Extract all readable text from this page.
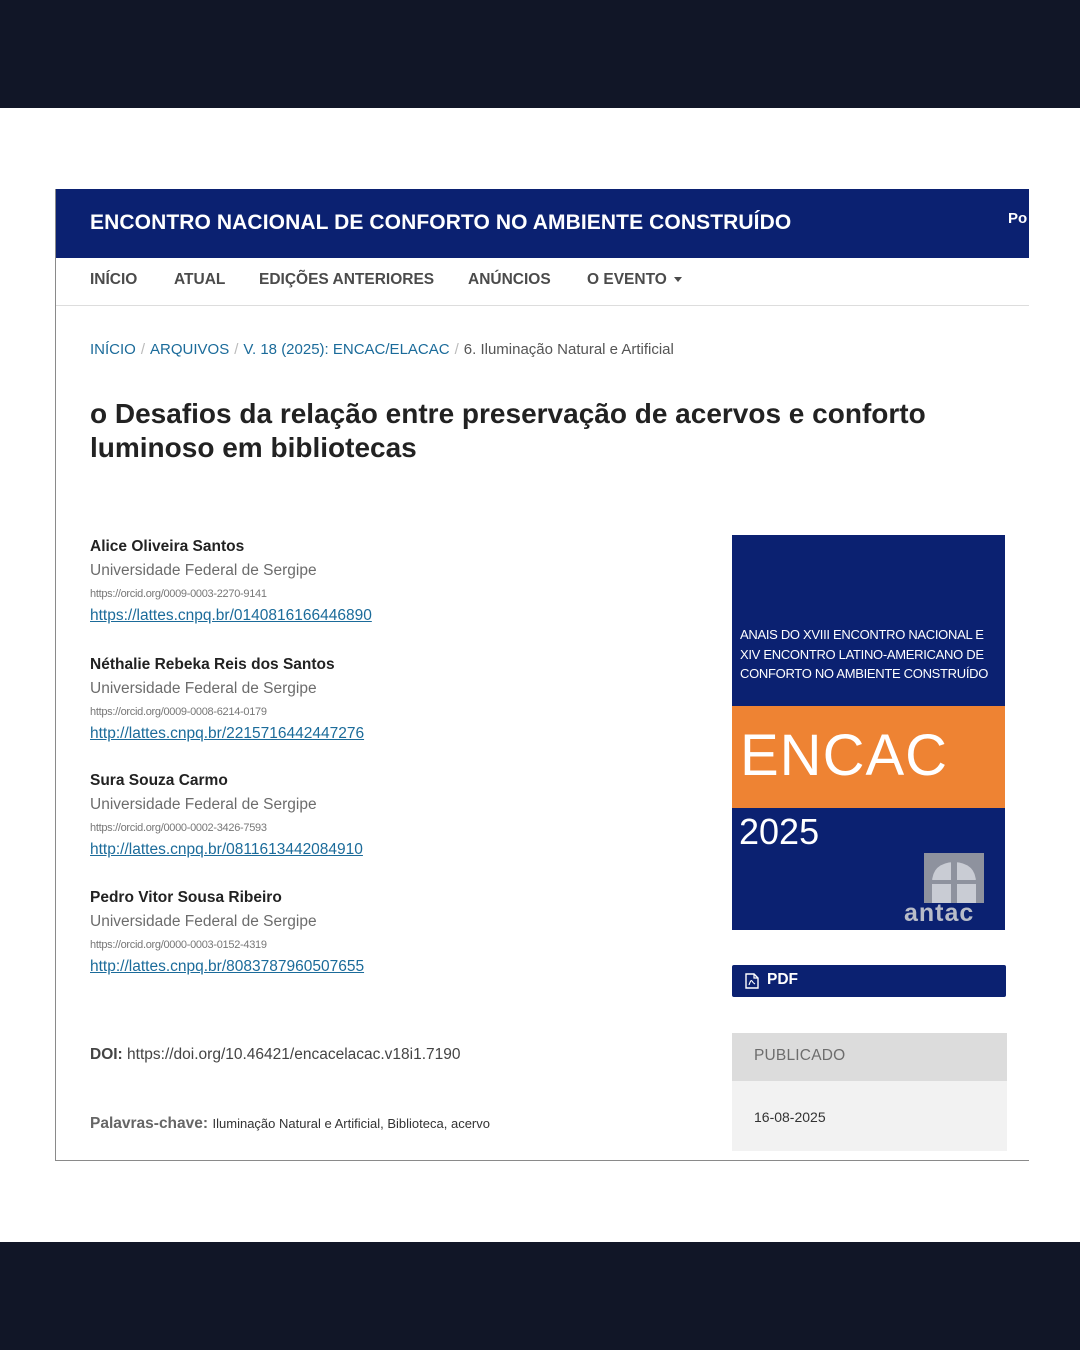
ENCONTRO NACIONAL DE CONFORTO NO AMBIENTE CONSTRUÍDO	Po
INÍCIO ATUAL EDIÇÕES ANTERIORES ANÚNCIOS O EVENTO
INÍCIO / ARQUIVOS / V. 18 (2025): ENCAC/ELACAC / 6. Iluminação Natural e Artificial
o Desafios da relação entre preservação de acervos e conforto luminoso em bibliotecas
Alice Oliveira Santos
Universidade Federal de Sergipe
https://orcid.org/0009-0003-2270-9141
https://lattes.cnpq.br/0140816166446890
Néthalie Rebeka Reis dos Santos
Universidade Federal de Sergipe
https://orcid.org/0009-0008-6214-0179
http://lattes.cnpq.br/2215716442447276
Sura Souza Carmo
Universidade Federal de Sergipe
https://orcid.org/0000-0002-3426-7593
http://lattes.cnpq.br/0811613442084910
Pedro Vitor Sousa Ribeiro
Universidade Federal de Sergipe
https://orcid.org/0000-0003-0152-4319
http://lattes.cnpq.br/8083787960507655
DOI: https://doi.org/10.46421/encacelacac.v18i1.7190
Palavras-chave: Iluminação Natural e Artificial, Biblioteca, acervo
ANAIS DO XVIII ENCONTRO NACIONAL E XIV ENCONTRO LATINO-AMERICANO DE CONFORTO NO AMBIENTE CONSTRUÍDO
ENCAC
2025
antac
PDF
PUBLICADO
16-08-2025
